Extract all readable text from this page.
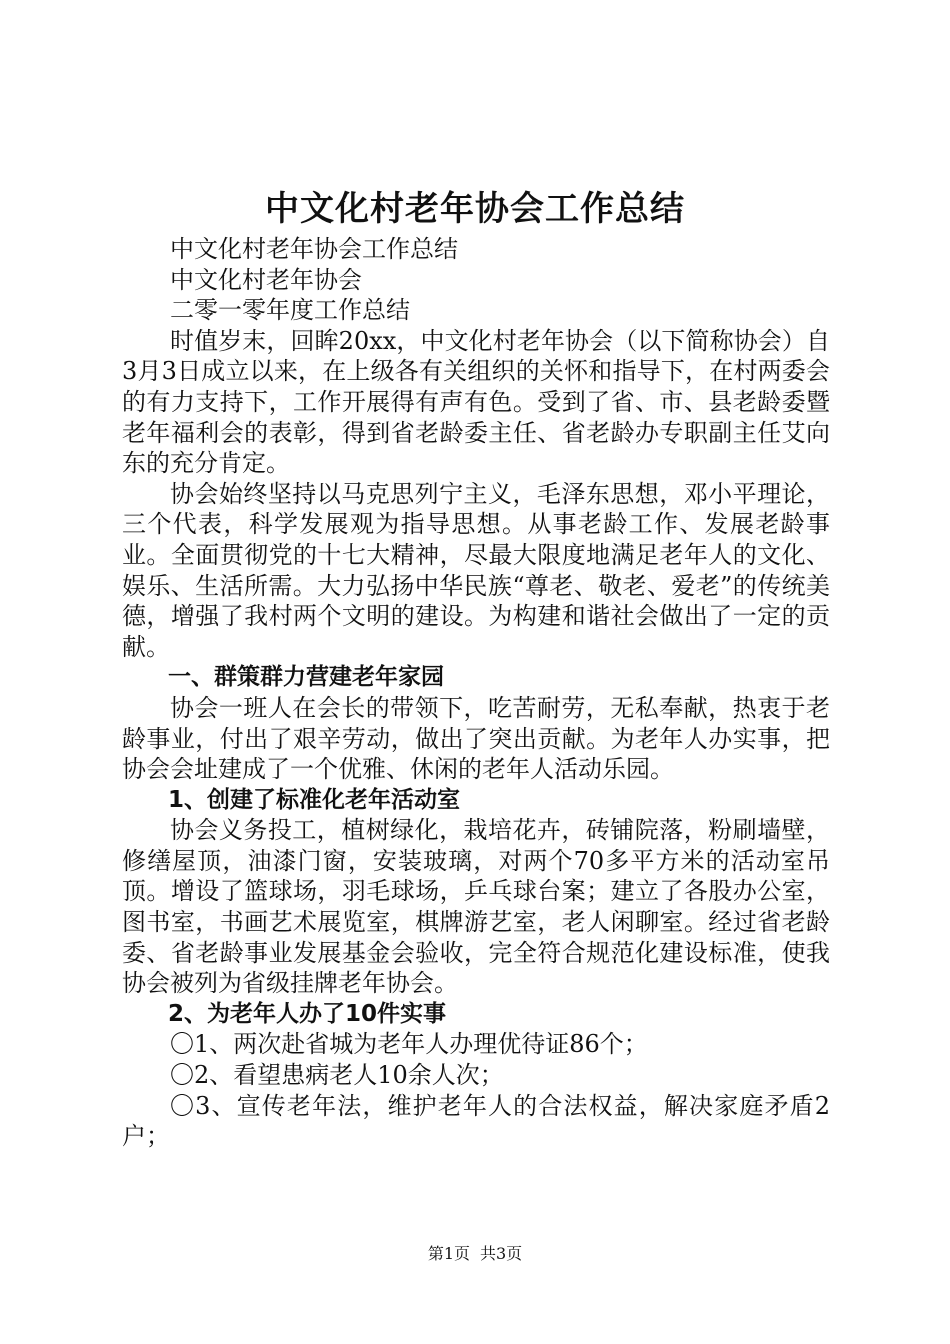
中文化村老年协会工作总结

中文化村老年协会工作总结

中文化村老年协会

二零一零年度工作总结

时值岁末，回眸20xx，中文化村老年协会（以下简称协会）自3月3日成立以来，在上级各有关组织的关怀和指导下，在村两委会的有力支持下，工作开展得有声有色。受到了省、市、县老龄委暨老年福利会的表彰，得到省老龄委主任、省老龄办专职副主任艾向东的充分肯定。

协会始终坚持以马克思列宁主义，毛泽东思想，邓小平理论，三个代表，科学发展观为指导思想。从事老龄工作、发展老龄事业。全面贯彻党的十七大精神，尽最大限度地满足老年人的文化、娱乐、生活所需。大力弘扬中华民族“尊老、敬老、爱老”的传统美德，增强了我村两个文明的建设。为构建和谐社会做出了一定的贡献。

一、群策群力营建老年家园

协会一班人在会长的带领下，吃苦耐劳，无私奉献，热衷于老龄事业，付出了艰辛劳动，做出了突出贡献。为老年人办实事，把协会会址建成了一个优雅、休闲的老年人活动乐园。

1、创建了标准化老年活动室

协会义务投工，植树绿化，栽培花卉，砖铺院落，粉刷墙壁，修缮屋顶，油漆门窗，安装玻璃，对两个70多平方米的活动室吊顶。增设了篮球场，羽毛球场，乒乓球台案；建立了各股办公室，图书室，书画艺术展览室，棋牌游艺室，老人闲聊室。经过省老龄委、省老龄事业发展基金会验收，完全符合规范化建设标准，使我协会被列为省级挂牌老年协会。

2、为老年人办了10件实事

〇1、两次赴省城为老年人办理优待证86个；

〇2、看望患病老人10余人次；

〇3、宣传老年法，维护老年人的合法权益，解决家庭矛盾2户；

第1页 共3页
